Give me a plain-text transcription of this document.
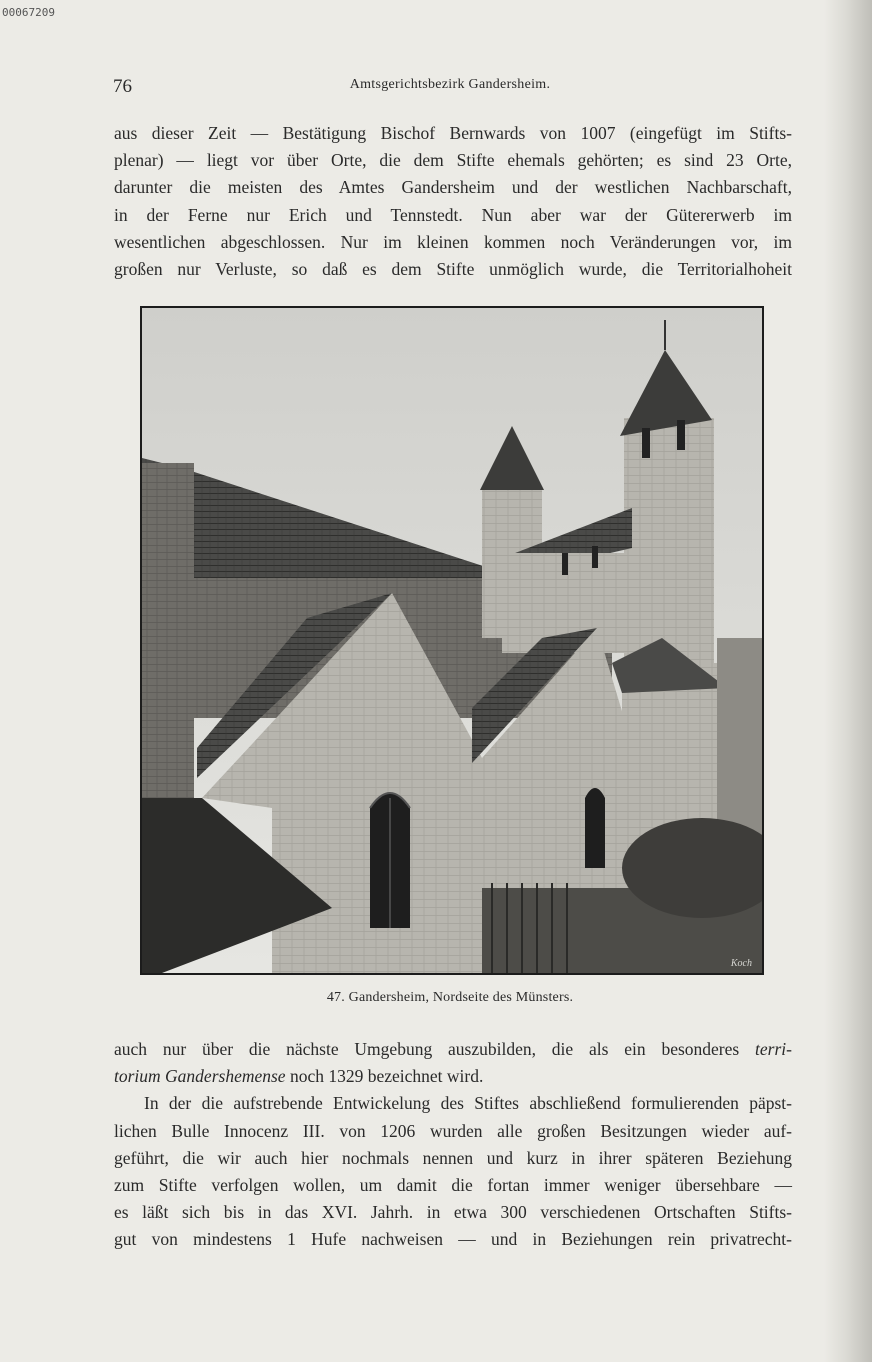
00067209
76	Amtsgerichtsbezirk Gandersheim.

aus dieser Zeit — Bestätigung Bischof Bernwards von 1007 (eingefügt im Stifts-
plenar) — liegt vor über Orte, die dem Stifte ehemals gehörten; es sind 23 Orte,
darunter die meisten des Amtes Gandersheim und der westlichen Nachbarschaft,
in der Ferne nur Erich und Tennstedt. Nun aber war der Gütererwerb im
wesentlichen abgeschlossen. Nur im kleinen kommen noch Veränderungen vor, im
großen nur Verluste, so daß es dem Stifte unmöglich wurde, die Territorialhoheit

Koch
47. Gandersheim, Nordseite des Münsters.

auch nur über die nächste Umgebung auszubilden, die als ein besonderes terri-
torium Gandershemense noch 1329 bezeichnet wird.
In der die aufstrebende Entwickelung des Stiftes abschließend formulierenden päpst-
lichen Bulle Innocenz III. von 1206 wurden alle großen Besitzungen wieder auf-
geführt, die wir auch hier nochmals nennen und kurz in ihrer späteren Beziehung
zum Stifte verfolgen wollen, um damit die fortan immer weniger übersehbare —
es läßt sich bis in das XVI. Jahrh. in etwa 300 verschiedenen Ortschaften Stifts-
gut von mindestens 1 Hufe nachweisen — und in Beziehungen rein privatrecht-
